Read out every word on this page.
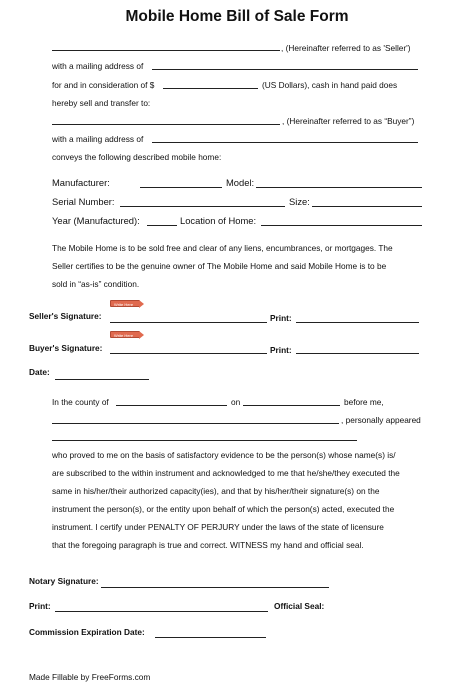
Mobile Home Bill of Sale Form
, (Hereinafter referred to as 'Seller')
with a mailing address of
for and in consideration of $	(US Dollars), cash in hand paid does
hereby sell and transfer to:
, (Hereinafter referred to as “Buyer”)
with a mailing address of
conveys the following described mobile home:
Manufacturer:	Model:
Serial Number:	Size:
Year (Manufactured):	Location of Home:
The Mobile Home is to be sold free and clear of any liens, encumbrances, or mortgages. The
Seller certifies to be the genuine owner of The Mobile Home and said Mobile Home is to be
sold in “as-is” condition.
Write Here
Seller's Signature:	Print:
Write Here
Buyer's Signature:	Print:
Date:
In the county of	on	before me,
, personally appeared
who proved to me on the basis of satisfactory evidence to be the person(s) whose name(s) is/
are subscribed to the within instrument and acknowledged to me that he/she/they executed the
same in his/her/their authorized capacity(ies), and that by his/her/their signature(s) on the
instrument the person(s), or the entity upon behalf of which the person(s) acted, executed the
instrument. I certify under PENALTY OF PERJURY under the laws of the state of licensure
that the foregoing paragraph is true and correct. WITNESS my hand and official seal.
Notary Signature:
Print:	Official Seal:
Commission Expiration Date:
Made Fillable by FreeForms.com
